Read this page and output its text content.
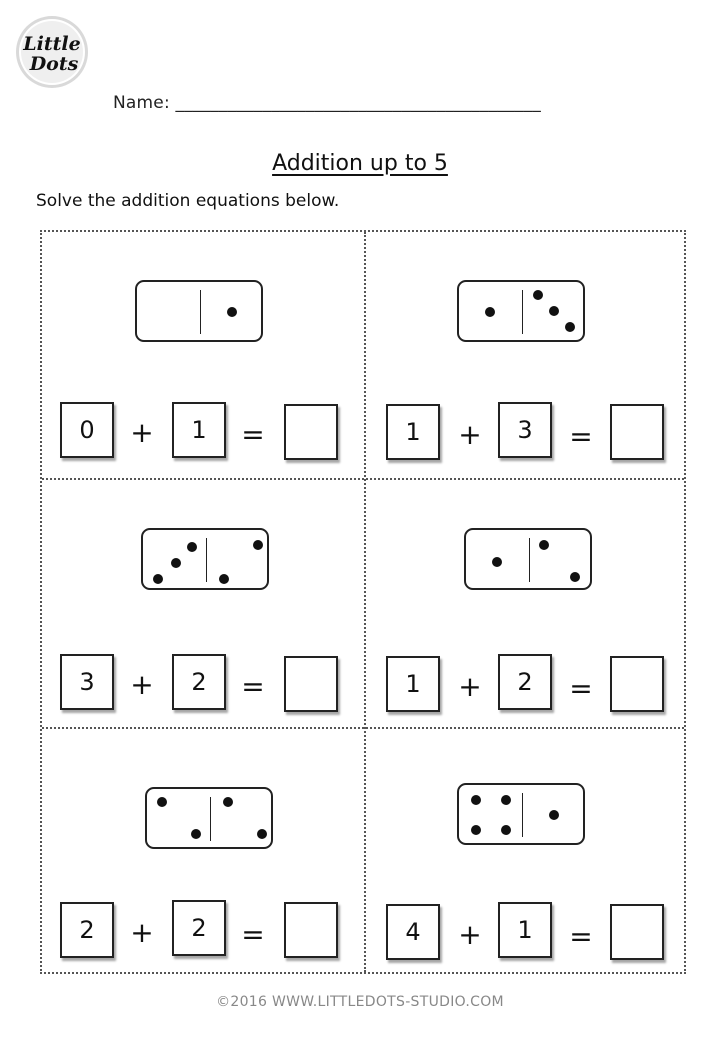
Little
Dots
Name: __________________________________________
Addition up to 5
Solve the addition equations below.
0	+	1	=	1	+	3	=
3	+	2	=	1	+	2	=
2	+	2	=	4	+	1	=
©2016 WWW.LITTLEDOTS-STUDIO.COM
